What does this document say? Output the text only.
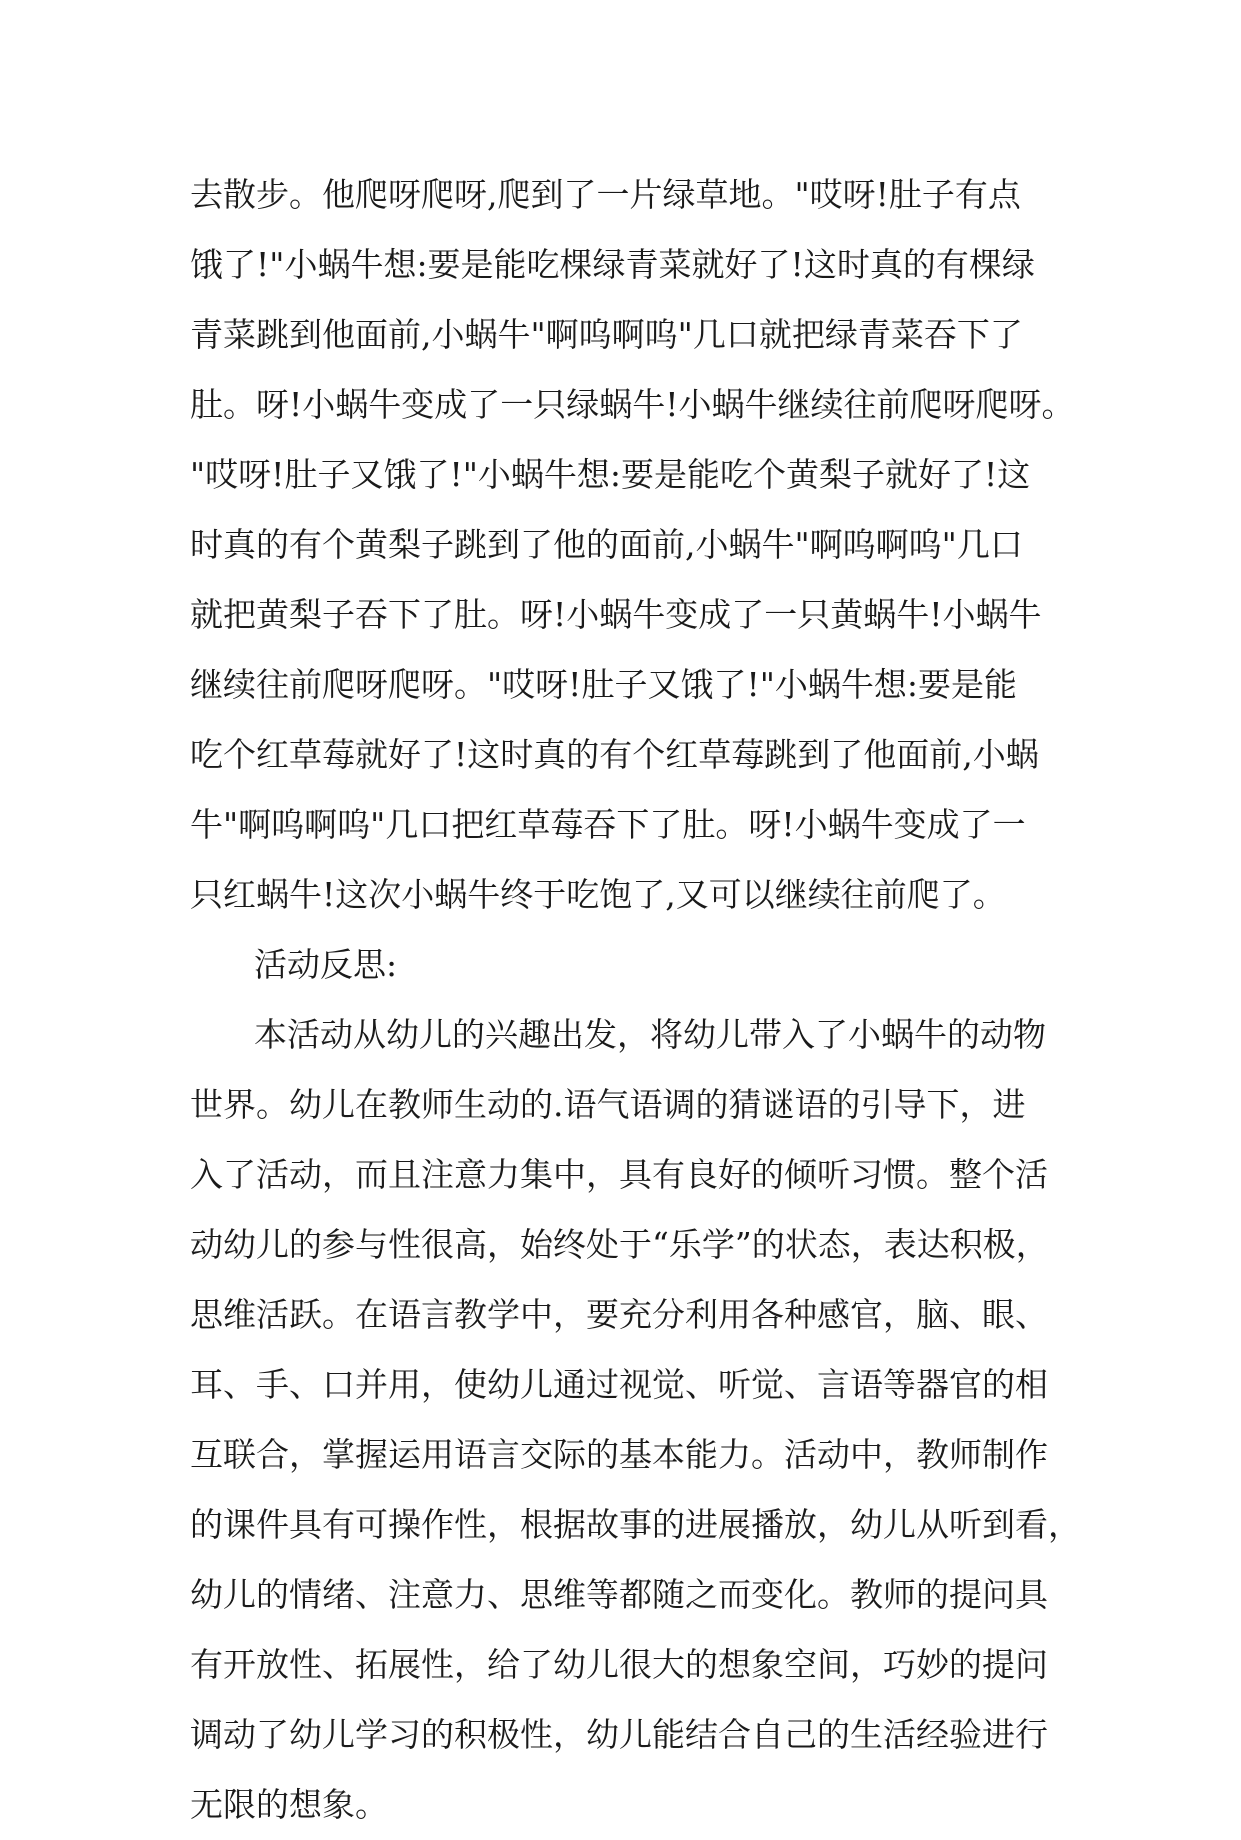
去散步。他爬呀爬呀,爬到了一片绿草地。"哎呀!肚子有点
饿了!"小蜗牛想:要是能吃棵绿青菜就好了!这时真的有棵绿
青菜跳到他面前,小蜗牛"啊呜啊呜"几口就把绿青菜吞下了
肚。呀!小蜗牛变成了一只绿蜗牛!小蜗牛继续往前爬呀爬呀。
"哎呀!肚子又饿了!"小蜗牛想:要是能吃个黄梨子就好了!这
时真的有个黄梨子跳到了他的面前,小蜗牛"啊呜啊呜"几口
就把黄梨子吞下了肚。呀!小蜗牛变成了一只黄蜗牛!小蜗牛
继续往前爬呀爬呀。"哎呀!肚子又饿了!"小蜗牛想:要是能
吃个红草莓就好了!这时真的有个红草莓跳到了他面前,小蜗
牛"啊呜啊呜"几口把红草莓吞下了肚。呀!小蜗牛变成了一
只红蜗牛!这次小蜗牛终于吃饱了,又可以继续往前爬了。
活动反思:
本活动从幼儿的兴趣出发，将幼儿带入了小蜗牛的动物
世界。幼儿在教师生动的.语气语调的猜谜语的引导下，进
入了活动，而且注意力集中，具有良好的倾听习惯。整个活
动幼儿的参与性很高，始终处于“乐学”的状态，表达积极，
思维活跃。在语言教学中，要充分利用各种感官，脑、眼、
耳、手、口并用，使幼儿通过视觉、听觉、言语等器官的相
互联合，掌握运用语言交际的基本能力。活动中，教师制作
的课件具有可操作性，根据故事的进展播放，幼儿从听到看，
幼儿的情绪、注意力、思维等都随之而变化。教师的提问具
有开放性、拓展性，给了幼儿很大的想象空间，巧妙的提问
调动了幼儿学习的积极性，幼儿能结合自己的生活经验进行
无限的想象。
